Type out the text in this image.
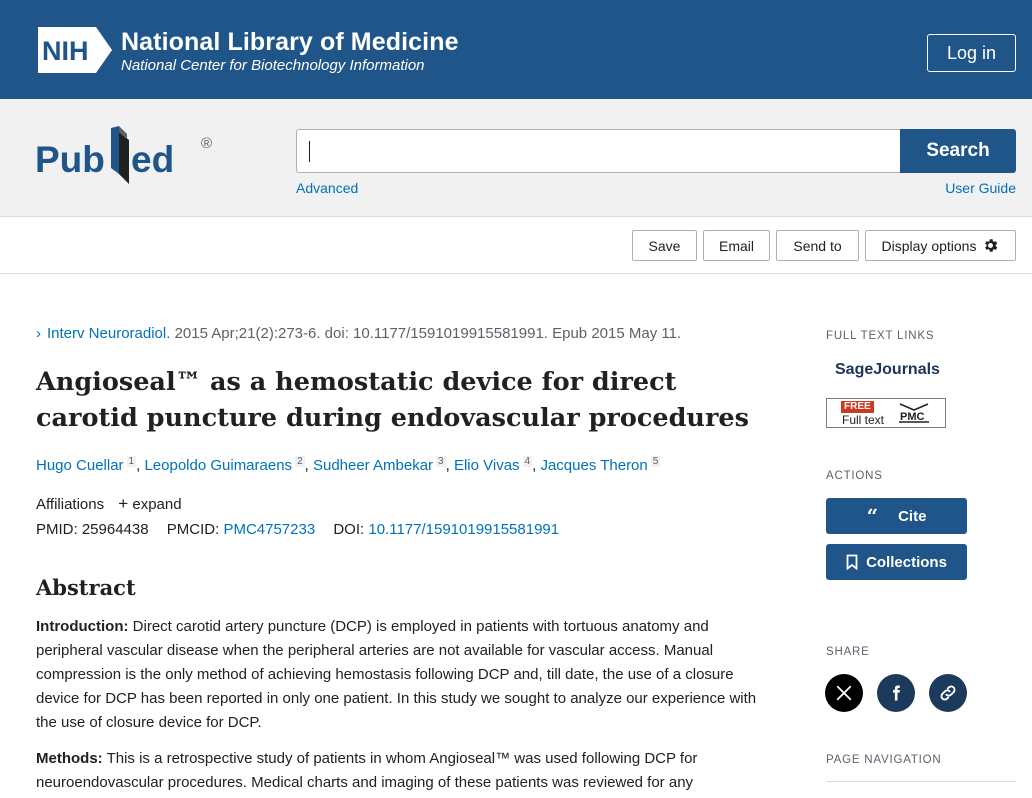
NIH National Library of Medicine
National Center for Biotechnology Information
Log in
Pub ed ®	Search
Advanced	User Guide
Save	Email	Send to	Display options
› Interv Neuroradiol. 2015 Apr;21(2):273-6. doi: 10.1177/1591019915581991. Epub 2015 May 11.
Angioseal™ as a hemostatic device for direct carotid puncture during endovascular procedures
Hugo Cuellar $^1$ , Leopoldo Guimaraens $^2$ , Sudheer Ambekar $^3$ , Elio Vivas $^4$ , Jacques Theron $^5$
Affiliations + expand
PMID: 25964438 PMCID: PMC4757233 DOI: 10.1177/1591019915581991
Abstract

Introduction: Direct carotid artery puncture (DCP) is employed in patients with tortuous anatomy and peripheral vascular disease when the peripheral arteries are not available for vascular access. Manual compression is the only method of achieving hemostasis following DCP and, till date, the use of a closure device for DCP has been reported in only one patient. In this study we sought to analyze our experience with the use of closure device for DCP.

Methods: This is a retrospective study of patients in whom Angioseal™ was used following DCP for neuroendovascular procedures. Medical charts and imaging of these patients was reviewed for any

FULL TEXT LINKS
SageJournals
FREE
Full text PMC
ACTIONS
“ Cite
Collections
SHARE
PAGE NAVIGATION
